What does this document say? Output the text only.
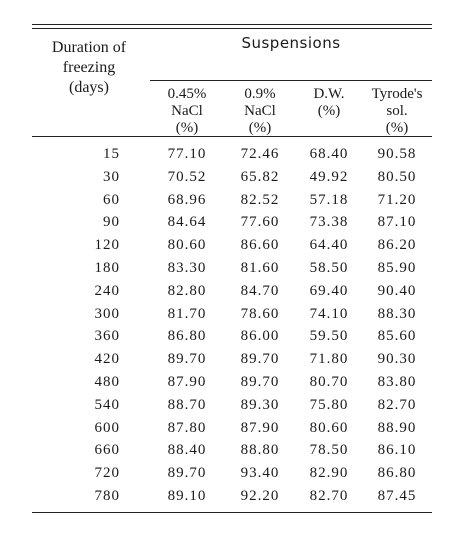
Duration of
freezing
(days)
Suspensions
0.45%
NaCl
(%)
0.9%
NaCl
(%)
D.W.
(%)
Tyrode's
sol.
(%)
15	77.10	72.46	68.40	90.58
30	70.52	65.82	49.92	80.50
60	68.96	82.52	57.18	71.20
90	84.64	77.60	73.38	87.10
120	80.60	86.60	64.40	86.20
180	83.30	81.60	58.50	85.90
240	82.80	84.70	69.40	90.40
300	81.70	78.60	74.10	88.30
360	86.80	86.00	59.50	85.60
420	89.70	89.70	71.80	90.30
480	87.90	89.70	80.70	83.80
540	88.70	89.30	75.80	82.70
600	87.80	87.90	80.60	88.90
660	88.40	88.80	78.50	86.10
720	89.70	93.40	82.90	86.80
780	89.10	92.20	82.70	87.45
